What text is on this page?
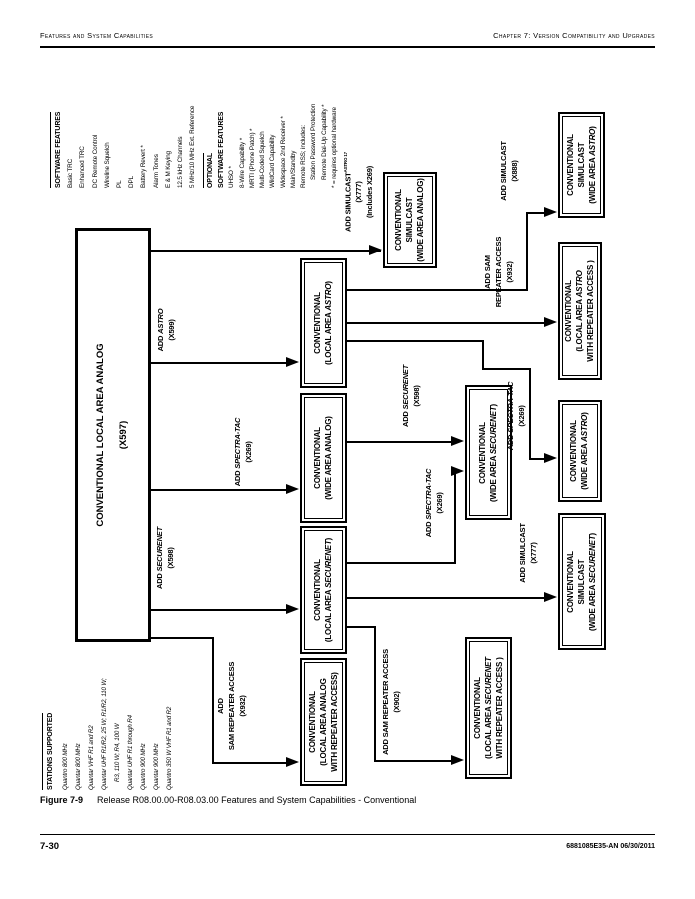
Features and System Capabilities	Chapter 7: Version Compatibility and Upgrades
SOFTWARE FEATURES Basic TRC Enhanced TRC DC Remote Control Wireline Squelch PL DPL Battery Revert * Alarm Tones E & M Keying 12.5 kHz Channels 5 MHz/10 MHz Ext. Reference	OPTIONAL SOFTWARE FEATURES UHSO * 8-Wire Capability * MRTI (Phone Patch) * Multi-Coded Squelch WildCard Capability Widespace 2nd Receiver * Main/Standby Remote RSS; includes: Station Password Protection Remote Dial-Up Capability * * = requires optional hardware
STATIONS SUPPORTED	Quantro 800 MHz Quantar 800 MHz Quantar VHF R1 and R2 Quantar UHF R1/R2, 25 W; R1/R2, 110 W; R3, 110 W; R4, 100 W Quantar UHF R1 through R4 Quantro 900 MHz Quantar 900 MHz Quantro 350 W VHF R1 and R2
CONVENTIONAL LOCAL AREA ANALOG	(X597)
CONVENTIONAL (LOCAL AREA ASTRO)
CONVENTIONAL (WIDE AREA ANALOG)
CONVENTIONAL (LOCAL AREA SECURENET)
CONVENTIONAL (LOCAL AREA ANALOG WITH REPEATER ACCESS)
CONVENTIONAL SIMULCAST (WIDE AREA ANALOG)
CONVENTIONAL (WIDE AREA SECURENET)
CONVENTIONAL (LOCAL AREA SECURENET WITH REPEATER ACCESS )
CONVENTIONAL SIMULCAST (WIDE AREA ASTRO)
CONVENTIONAL (LOCAL AREA ASTRO WITH REPEATER ACCESS )
CONVENTIONAL (WIDE AREA ASTRO)
CONVENTIONAL SIMULCAST
(WIDE AREA SECURENET)
ADD $SIMULCAST^{ASTRO 17}$
(X777) (Includes X269)
ADD ASTRO (X599)
ADD SPECTRA-TAC (X269)
ADD SECURENET (X598)
ADD SAM REPEATER ACCESS (X932)
ADD SECURENET (X598)
ADD SPECTRA-TAC (X269)
ADD SAM REPEATER ACCESS (X902)
ADD SIMULCAST (X777)
ADD SIMULCAST (X888)
ADD SAM REPEATER ACCESS (X932)
ADD SPECTRA-TAC (X269)
Figure 7-9 Release R08.00.00-R08.03.00 Features and System Capabilities - Conventional
7-30	6881085E35-AN 06/30/2011
